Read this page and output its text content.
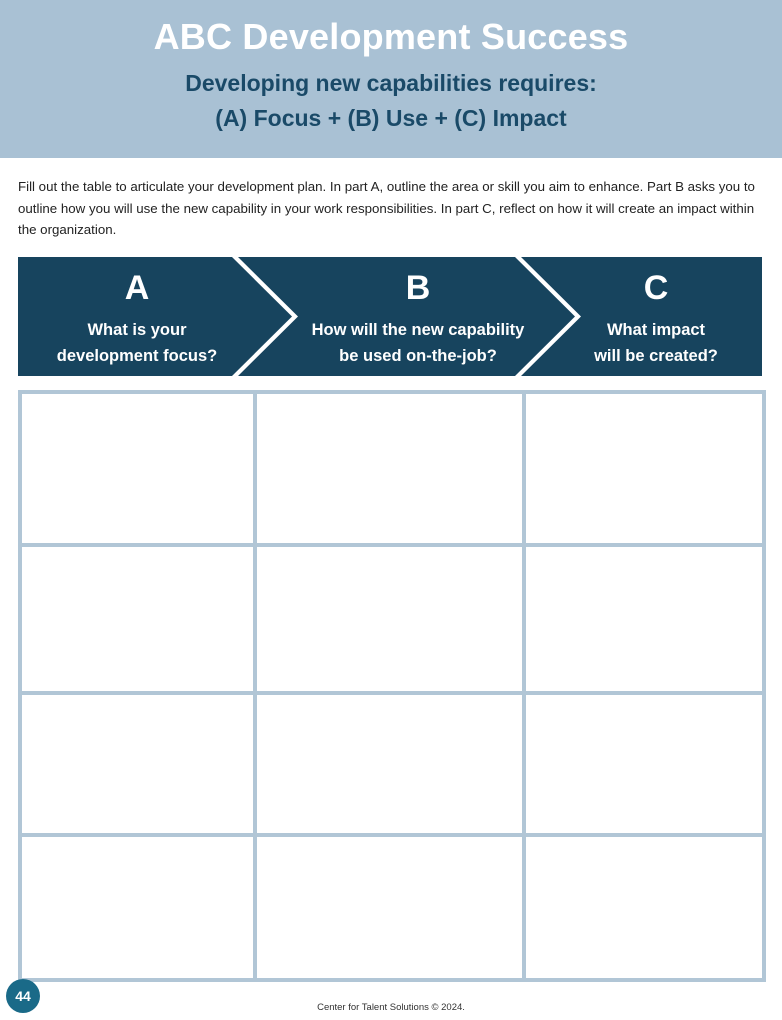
ABC Development Success
Developing new capabilities requires:
(A) Focus + (B) Use + (C) Impact
Fill out the table to articulate your development plan. In part A, outline the area or skill you aim to enhance. Part B asks you to outline how you will use the new capability in your work responsibilities. In part C, reflect on how it will create an impact within the organization.
A
What is your
development focus?
B
How will the new capability
be used on-the-job?
C
What impact
will be created?

44
Center for Talent Solutions © 2024.
